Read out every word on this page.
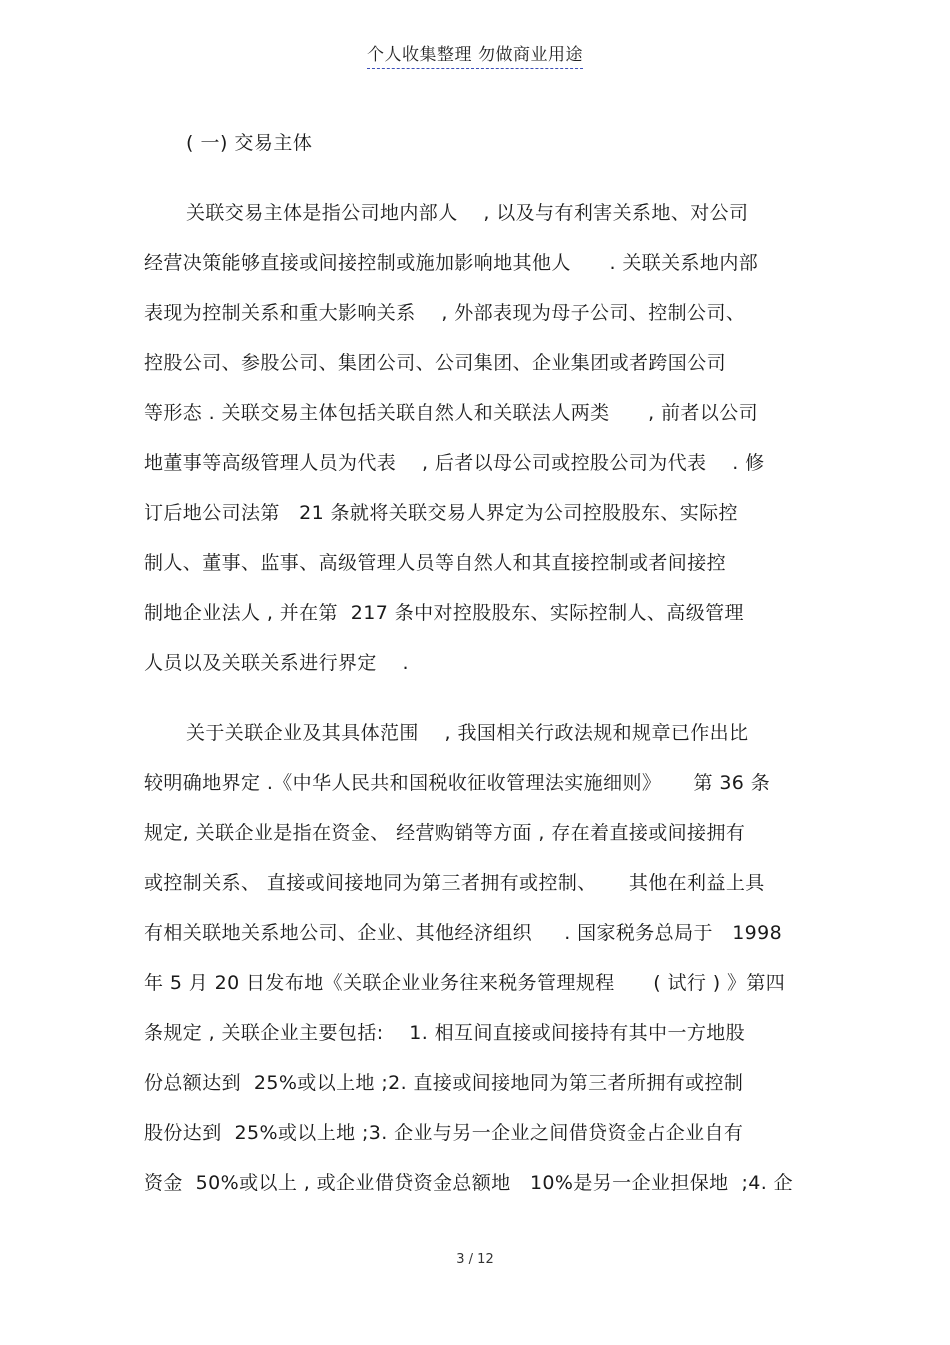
个人收集整理 勿做商业用途
( 一) 交易主体
关联交易主体是指公司地内部人    , 以及与有利害关系地、对公司
经营决策能够直接或间接控制或施加影响地其他人      . 关联关系地内部
表现为控制关系和重大影响关系    , 外部表现为母子公司、控制公司、
控股公司、参股公司、集团公司、公司集团、企业集团或者跨国公司
等形态 . 关联交易主体包括关联自然人和关联法人两类      , 前者以公司
地董事等高级管理人员为代表    , 后者以母公司或控股公司为代表    . 修
订后地公司法第   21 条就将关联交易人界定为公司控股股东、实际控
制人、董事、监事、高级管理人员等自然人和其直接控制或者间接控
制地企业法人 , 并在第  217 条中对控股股东、实际控制人、高级管理
人员以及关联关系进行界定    .
关于关联企业及其具体范围    , 我国相关行政法规和规章已作出比
较明确地界定 .《中华人民共和国税收征收管理法实施细则》     第 36 条
规定, 关联企业是指在资金、 经营购销等方面 , 存在着直接或间接拥有
或控制关系、 直接或间接地同为第三者拥有或控制、     其他在利益上具
有相关联地关系地公司、企业、其他经济组织     . 国家税务总局于   1998
年 5 月 20 日发布地《关联企业业务往来税务管理规程      ( 试行 ) 》第四
条规定 , 关联企业主要包括:    1. 相互间直接或间接持有其中一方地股
份总额达到  25%或以上地 ;2. 直接或间接地同为第三者所拥有或控制
股份达到  25%或以上地 ;3. 企业与另一企业之间借贷资金占企业自有
资金  50%或以上 , 或企业借贷资金总额地   10%是另一企业担保地  ;4. 企
3 / 12
